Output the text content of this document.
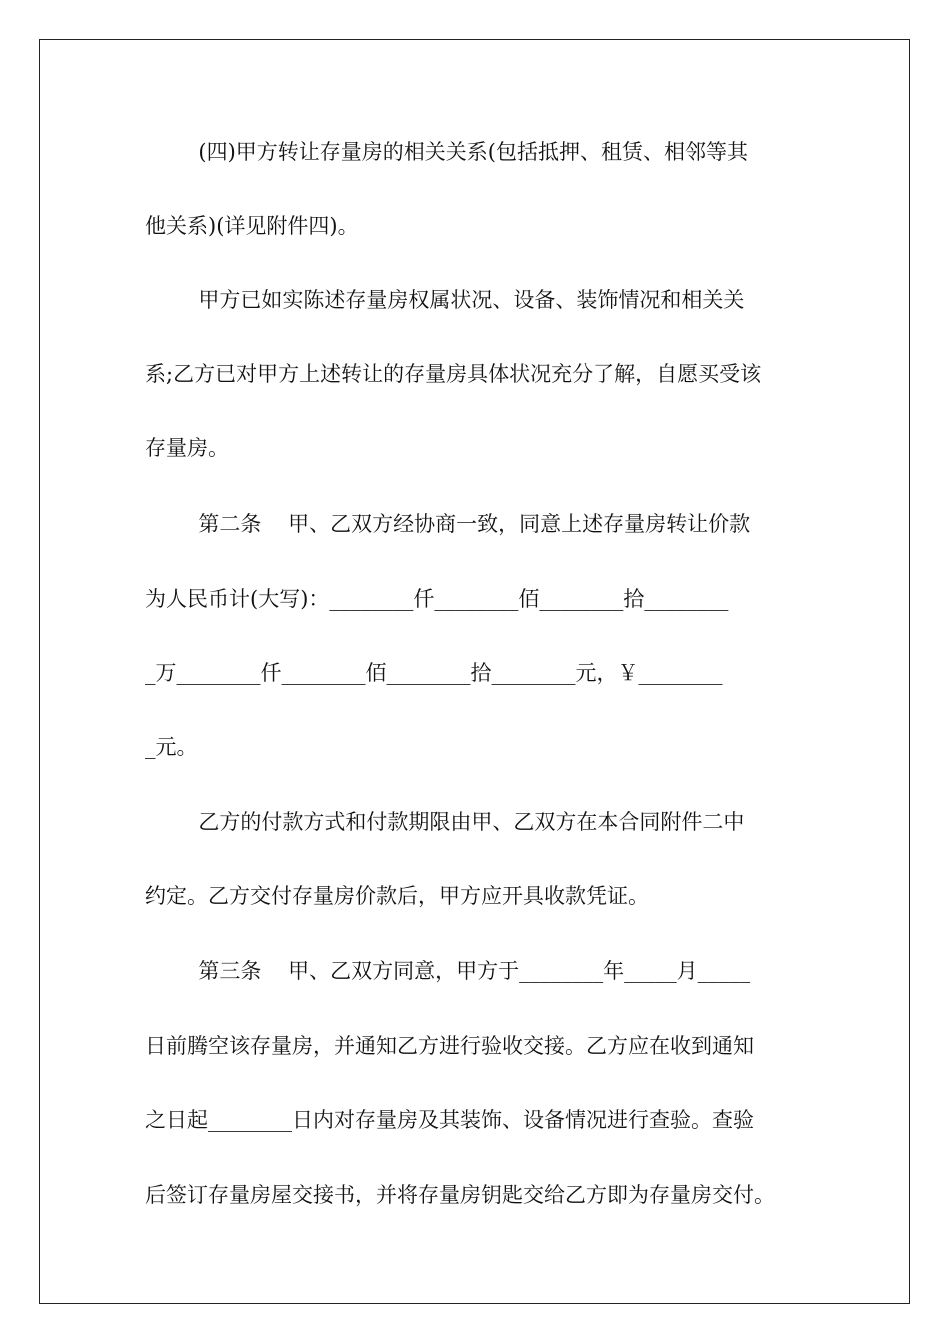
(四)甲方转让存量房的相关关系(包括抵押、租赁、相邻等其
他关系)(详见附件四)。
甲方已如实陈述存量房权属状况、设备、装饰情况和相关关
系;乙方已对甲方上述转让的存量房具体状况充分了解，自愿买受该
存量房。
第二条    甲、乙双方经协商一致，同意上述存量房转让价款
为人民币计(大写)：________仟________佰________拾________
_万________仟________佰________拾________元，￥________
_元。
乙方的付款方式和付款期限由甲、乙双方在本合同附件二中
约定。乙方交付存量房价款后，甲方应开具收款凭证。
第三条    甲、乙双方同意，甲方于________年_____月_____
日前腾空该存量房，并通知乙方进行验收交接。乙方应在收到通知
之日起________日内对存量房及其装饰、设备情况进行查验。查验
后签订存量房屋交接书，并将存量房钥匙交给乙方即为存量房交付。
